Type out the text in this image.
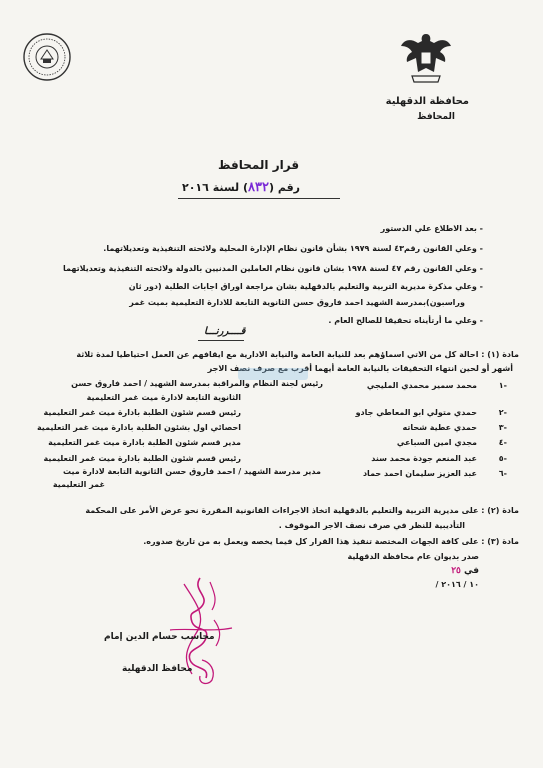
محافظة الدقهلية
المحافظ
قرار المحافظ
رقم (٨٣٢) لسنة ٢٠١٦
- بعد الاطلاع علي الدستور
- وعلي القانون رقم٤٣ لسنة ١٩٧٩ بشأن قانون نظام الإدارة المحلية ولائحته التنفيذية وتعديلاتهما.
- وعلي القانون رقم ٤٧ لسنة ١٩٧٨ بشان قانون نظام العاملين المدنيين بالدولة ولائحته التنفيذية وتعديلاتهما
- وعلي مذكرة مديرية التربية والتعليم بالدقهلية بشان مراجعة اوراق اجابات الطلبة (دور ثان
وراسبون)بمدرسة الشهيد احمد فاروق حسن الثانوية التابعة للادارة التعليمية بميت غمر
- وعلي ما أرتأيناه تحقيقا للصالح العام .
قــــررنـــا
مادة (١) : احالة كل من الاتي اسماؤهم بعد للنيابة العامة والنيابة الادارية مع ايقافهم عن العمل احتياطيا لمدة ثلاثة
أشهر أو لحين انتهاء التحقيقات بالنيابة العامة أيهما أقرب مع صرف نصف الاجر
١-
محمد سمير محمدي المليجي
رئيس لجنة النظام والمراقبة بمدرسة الشهيد / احمد فاروق حسن
الثانوية التابعة لادارة ميت غمر التعليمية
٢-
حمدي متولي ابو المعاطي جادو
رئيس قسم شئون الطلبة بادارة ميت غمر التعليمية
٣-
حمدي عطية شحاته
احصائي اول بشئون الطلبة بادارة ميت غمر التعليمية
٤-
مجدي امين السباعي
مدير قسم شئون الطلبة بادارة ميت غمر التعليمية
٥-
عبد المنعم جودة محمد سند
رئيس قسم شئون الطلبة بادارة ميت غمر التعليمية
٦-
عبد العزيز سليمان احمد حماد
مدير مدرسة الشهيد / احمد فاروق حسن الثانوية التابعة لادارة ميت
غمر التعليمية
مادة (٢) : على مديرية التربية والتعليم بالدقهلية اتخاذ الاجراءات القانونية المقررة نحو عرض الأمر على المحكمة
التأديبية للنظر في صرف نصف الاجر الموقوف .
مادة (٣) : على كافة الجهات المختصة تنفيذ هذا القرار كل فيما يخصه ويعمل به من تاريخ صدوره.
صدر بديوان عام محافظة الدقهلية
في ٢٥
/ ١٠ / ٢٠١٦
محاسب حسام الدين إمام
محافظ الدقهلية
